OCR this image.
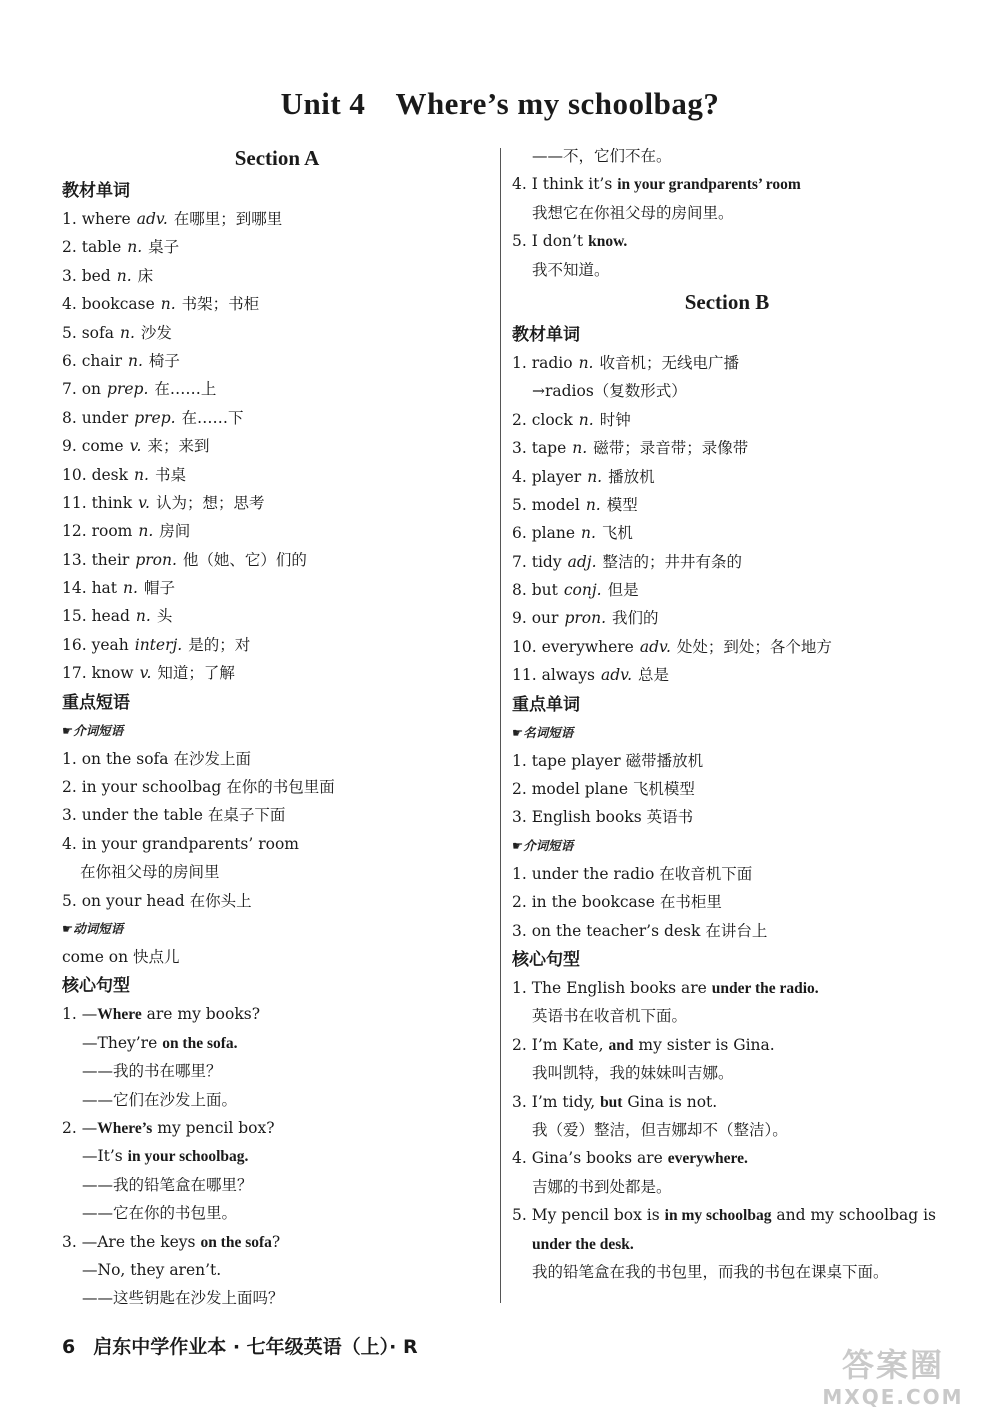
Unit 4 Where’s my schoolbag?
Section A
教材单词
1. where adv. 在哪里；到哪里
2. table n. 桌子
3. bed n. 床
4. bookcase n. 书架；书柜
5. sofa n. 沙发
6. chair n. 椅子
7. on prep. 在……上
8. under prep. 在……下
9. come v. 来；来到
10. desk n. 书桌
11. think v. 认为；想；思考
12. room n. 房间
13. their pron. 他（她、它）们的
14. hat n. 帽子
15. head n. 头
16. yeah interj. 是的；对
17. know v. 知道；了解
重点短语
☛介词短语
1. on the sofa 在沙发上面
2. in your schoolbag 在你的书包里面
3. under the table 在桌子下面
4. in your grandparents’ room
在你祖父母的房间里
5. on your head 在你头上
☛动词短语
come on 快点儿
核心句型
1. —Where are my books?
—They’re on the sofa.
——我的书在哪里？
——它们在沙发上面。
2. —Where’s my pencil box?
—It’s in your schoolbag.
——我的铅笔盒在哪里？
——它在你的书包里。
3. —Are the keys on the sofa?
—No, they aren’t.
——这些钥匙在沙发上面吗？
——不，它们不在。
4. I think it’s in your grandparents’ room
我想它在你祖父母的房间里。
5. I don’t know.
我不知道。
Section B
教材单词
1. radio n. 收音机；无线电广播
→radios（复数形式）
2. clock n. 时钟
3. tape n. 磁带；录音带；录像带
4. player n. 播放机
5. model n. 模型
6. plane n. 飞机
7. tidy adj. 整洁的；井井有条的
8. but conj. 但是
9. our pron. 我们的
10. everywhere adv. 处处；到处；各个地方
11. always adv. 总是
重点单词
☛名词短语
1. tape player 磁带播放机
2. model plane 飞机模型
3. English books 英语书
☛介词短语
1. under the radio 在收音机下面
2. in the bookcase 在书柜里
3. on the teacher’s desk 在讲台上
核心句型
1. The English books are under the radio.
英语书在收音机下面。
2. I’m Kate, and my sister is Gina.
我叫凯特，我的妹妹叫吉娜。
3. I’m tidy, but Gina is not.
我（爱）整洁，但吉娜却不（整洁）。
4. Gina’s books are everywhere.
吉娜的书到处都是。
5. My pencil box is in my schoolbag and my schoolbag is
under the desk.
我的铅笔盒在我的书包里，而我的书包在课桌下面。
6 启东中学作业本 · 七年级英语（上）· R	答案圈
MXQE.COM
